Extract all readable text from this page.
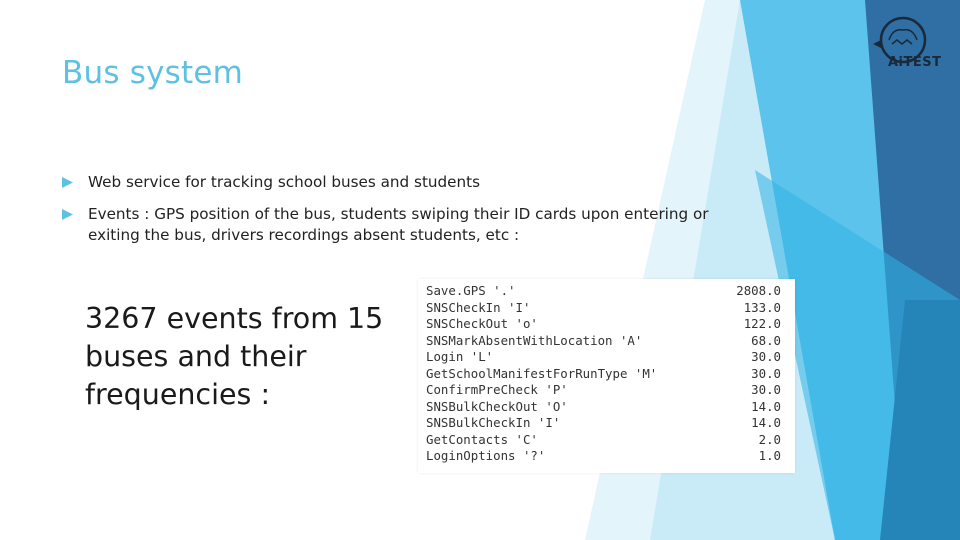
Bus system
Web service for tracking school buses and students
Events : GPS position of the bus, students swiping their ID cards upon entering or exiting the bus, drivers recordings absent students, etc :
3267 events from 15 buses and their frequencies :
Save.GPS '.'	2808.0
SNSCheckIn 'I'	133.0
SNSCheckOut 'o'	122.0
SNSMarkAbsentWithLocation 'A'	68.0
Login 'L'	30.0
GetSchoolManifestForRunType 'M'	30.0
ConfirmPreCheck 'P'	30.0
SNSBulkCheckOut 'O'	14.0
SNSBulkCheckIn 'I'	14.0
GetContacts 'C'	2.0
LoginOptions '?'	1.0
AiTEST
